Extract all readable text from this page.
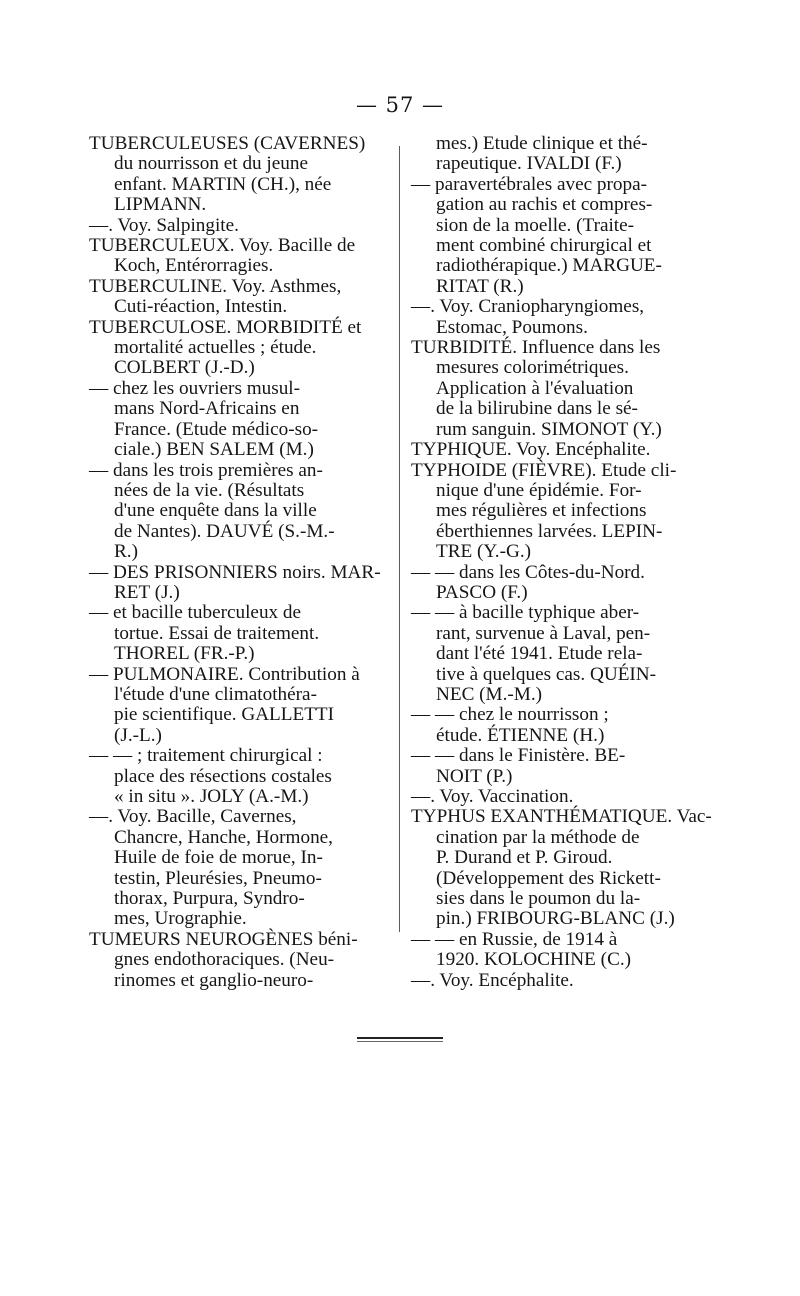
— 57 —
TUBERCULEUSES (CAVERNES)
du nourrisson et du jeune
enfant. MARTIN (CH.), née
LIPMANN.
—. Voy. Salpingite.
TUBERCULEUX. Voy. Bacille de
Koch, Entérorragies.
TUBERCULINE. Voy. Asthmes,
Cuti-réaction, Intestin.
TUBERCULOSE. MORBIDITÉ et
mortalité actuelles ; étude.
COLBERT (J.-D.)
— chez les ouvriers musul-
mans Nord-Africains en
France. (Etude médico-so-
ciale.) BEN SALEM (M.)
— dans les trois premières an-
nées de la vie. (Résultats
d'une enquête dans la ville
de Nantes). DAUVÉ (S.-M.-
R.)
— DES PRISONNIERS noirs. MAR-
RET (J.)
— et bacille tuberculeux de
tortue. Essai de traitement.
THOREL (FR.-P.)
— PULMONAIRE. Contribution à
l'étude d'une climatothéra-
pie scientifique. GALLETTI
(J.-L.)
— — ; traitement chirurgical :
place des résections costales
« in situ ». JOLY (A.-M.)
—. Voy. Bacille, Cavernes,
Chancre, Hanche, Hormone,
Huile de foie de morue, In-
testin, Pleurésies, Pneumo-
thorax, Purpura, Syndro-
mes, Urographie.
TUMEURS NEUROGÈNES béni-
gnes endothoraciques. (Neu-
rinomes et ganglio-neuro-
mes.) Etude clinique et thé-
rapeutique. IVALDI (F.)
— paravertébrales avec propa-
gation au rachis et compres-
sion de la moelle. (Traite-
ment combiné chirurgical et
radiothérapique.) MARGUE-
RITAT (R.)
—. Voy. Craniopharyngiomes,
Estomac, Poumons.
TURBIDITÉ. Influence dans les
mesures colorimétriques.
Application à l'évaluation
de la bilirubine dans le sé-
rum sanguin. SIMONOT (Y.)
TYPHIQUE. Voy. Encéphalite.
TYPHOIDE (FIÈVRE). Etude cli-
nique d'une épidémie. For-
mes régulières et infections
éberthiennes larvées. LEPIN-
TRE (Y.-G.)
— — dans les Côtes-du-Nord.
PASCO (F.)
— — à bacille typhique aber-
rant, survenue à Laval, pen-
dant l'été 1941. Etude rela-
tive à quelques cas. QUÉIN-
NEC (M.-M.)
— — chez le nourrisson ;
étude. ÉTIENNE (H.)
— — dans le Finistère. BE-
NOIT (P.)
—. Voy. Vaccination.
TYPHUS EXANTHÉMATIQUE. Vac-
cination par la méthode de
P. Durand et P. Giroud.
(Développement des Rickett-
sies dans le poumon du la-
pin.) FRIBOURG-BLANC (J.)
— — en Russie, de 1914 à
1920. KOLOCHINE (C.)
—. Voy. Encéphalite.
